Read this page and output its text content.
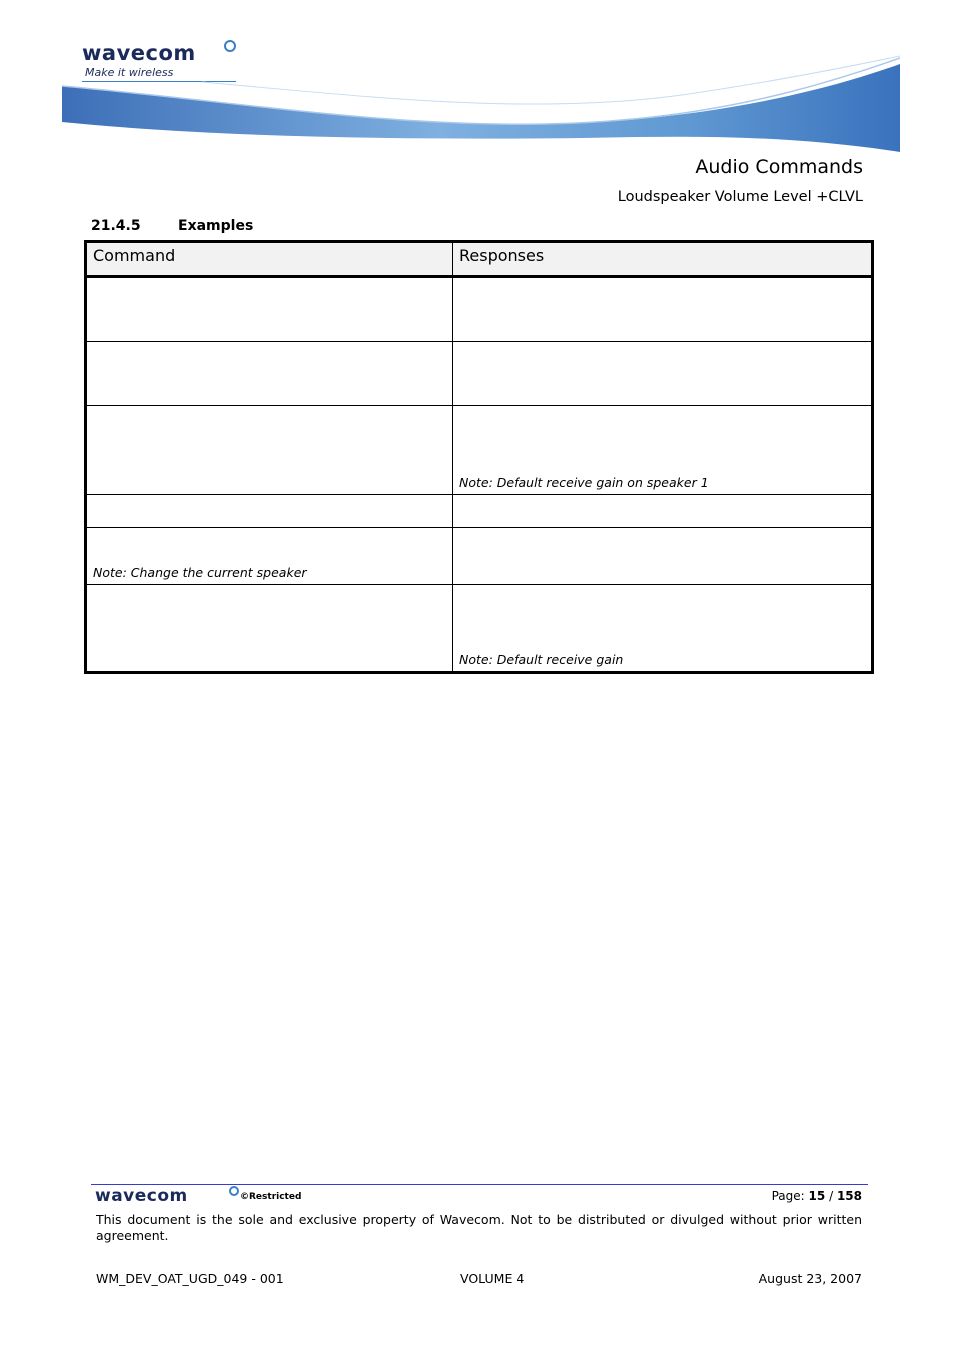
wavecom
Make it wireless
Audio Commands
Loudspeaker Volume Level +CLVL
21.4.5	Examples
Command	Responses

	Note: Default receive gain on speaker 1

Note: Change the current speaker	

	Note: Default receive gain
wavecom	©Restricted	Page: 15 / 158
This document is the sole and exclusive property of Wavecom. Not to be distributed or divulged without prior written agreement.
WM_DEV_OAT_UGD_049 - 001	VOLUME 4	August 23, 2007
